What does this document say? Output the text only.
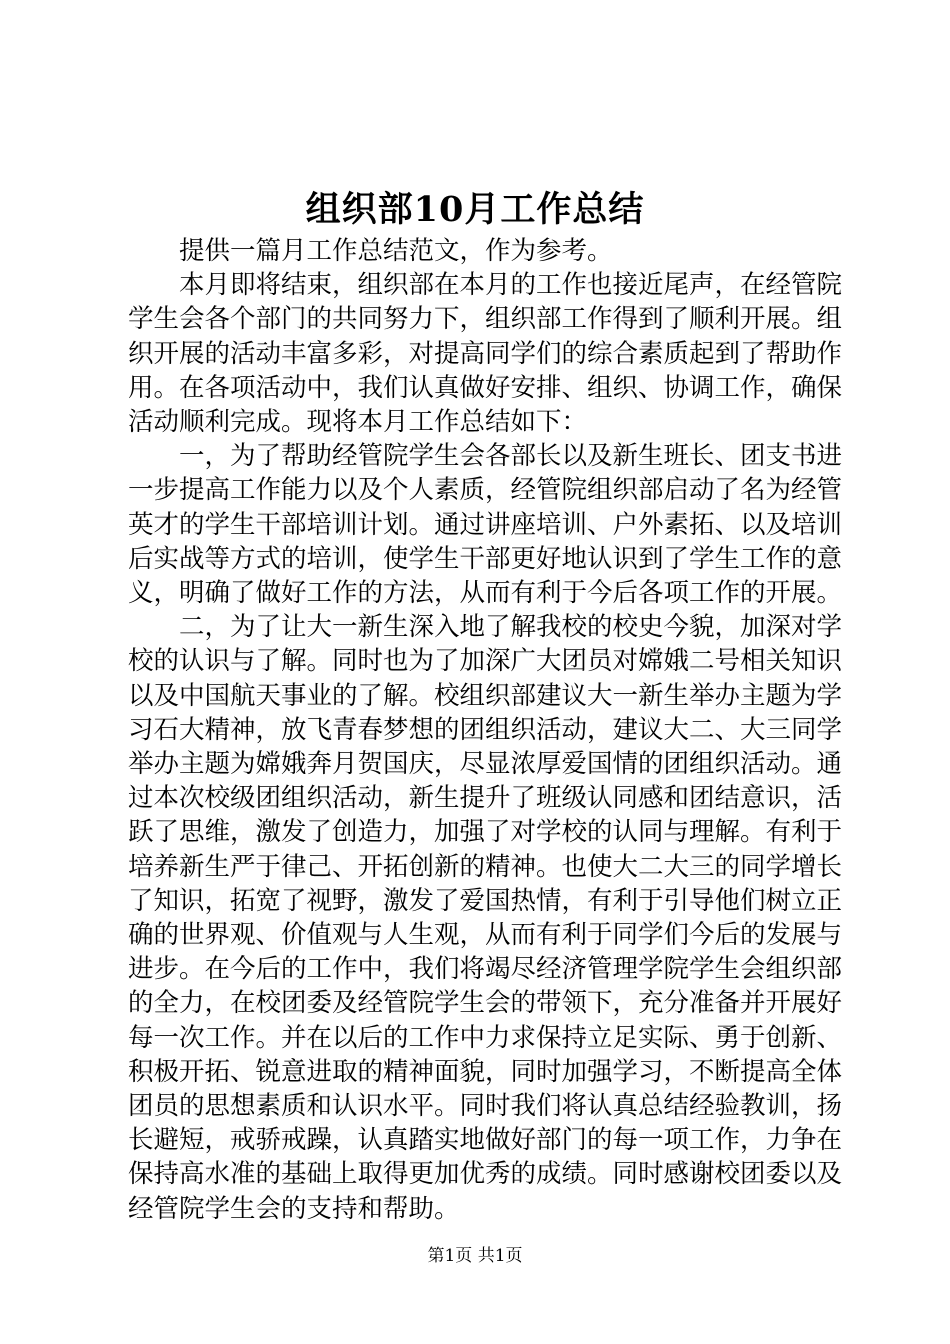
组织部10月工作总结

提供一篇月工作总结范文，作为参考。

本月即将结束，组织部在本月的工作也接近尾声，在经管院学生会各个部门的共同努力下，组织部工作得到了顺利开展。组织开展的活动丰富多彩，对提高同学们的综合素质起到了帮助作用。在各项活动中，我们认真做好安排、组织、协调工作，确保活动顺利完成。现将本月工作总结如下：

一，为了帮助经管院学生会各部长以及新生班长、团支书进一步提高工作能力以及个人素质，经管院组织部启动了名为经管英才的学生干部培训计划。通过讲座培训、户外素拓、以及培训后实战等方式的培训，使学生干部更好地认识到了学生工作的意义，明确了做好工作的方法，从而有利于今后各项工作的开展。

二，为了让大一新生深入地了解我校的校史今貌，加深对学校的认识与了解。同时也为了加深广大团员对嫦娥二号相关知识以及中国航天事业的了解。校组织部建议大一新生举办主题为学习石大精神，放飞青春梦想的团组织活动，建议大二、大三同学举办主题为嫦娥奔月贺国庆，尽显浓厚爱国情的团组织活动。通过本次校级团组织活动，新生提升了班级认同感和团结意识，活跃了思维，激发了创造力，加强了对学校的认同与理解。有利于培养新生严于律己、开拓创新的精神。也使大二大三的同学增长了知识，拓宽了视野，激发了爱国热情，有利于引导他们树立正确的世界观、价值观与人生观，从而有利于同学们今后的发展与进步。在今后的工作中，我们将竭尽经济管理学院学生会组织部的全力，在校团委及经管院学生会的带领下，充分准备并开展好每一次工作。并在以后的工作中力求保持立足实际、勇于创新、积极开拓、锐意进取的精神面貌，同时加强学习，不断提高全体团员的思想素质和认识水平。同时我们将认真总结经验教训，扬长避短，戒骄戒躁，认真踏实地做好部门的每一项工作，力争在保持高水准的基础上取得更加优秀的成绩。同时感谢校团委以及经管院学生会的支持和帮助。

第1页 共1页
